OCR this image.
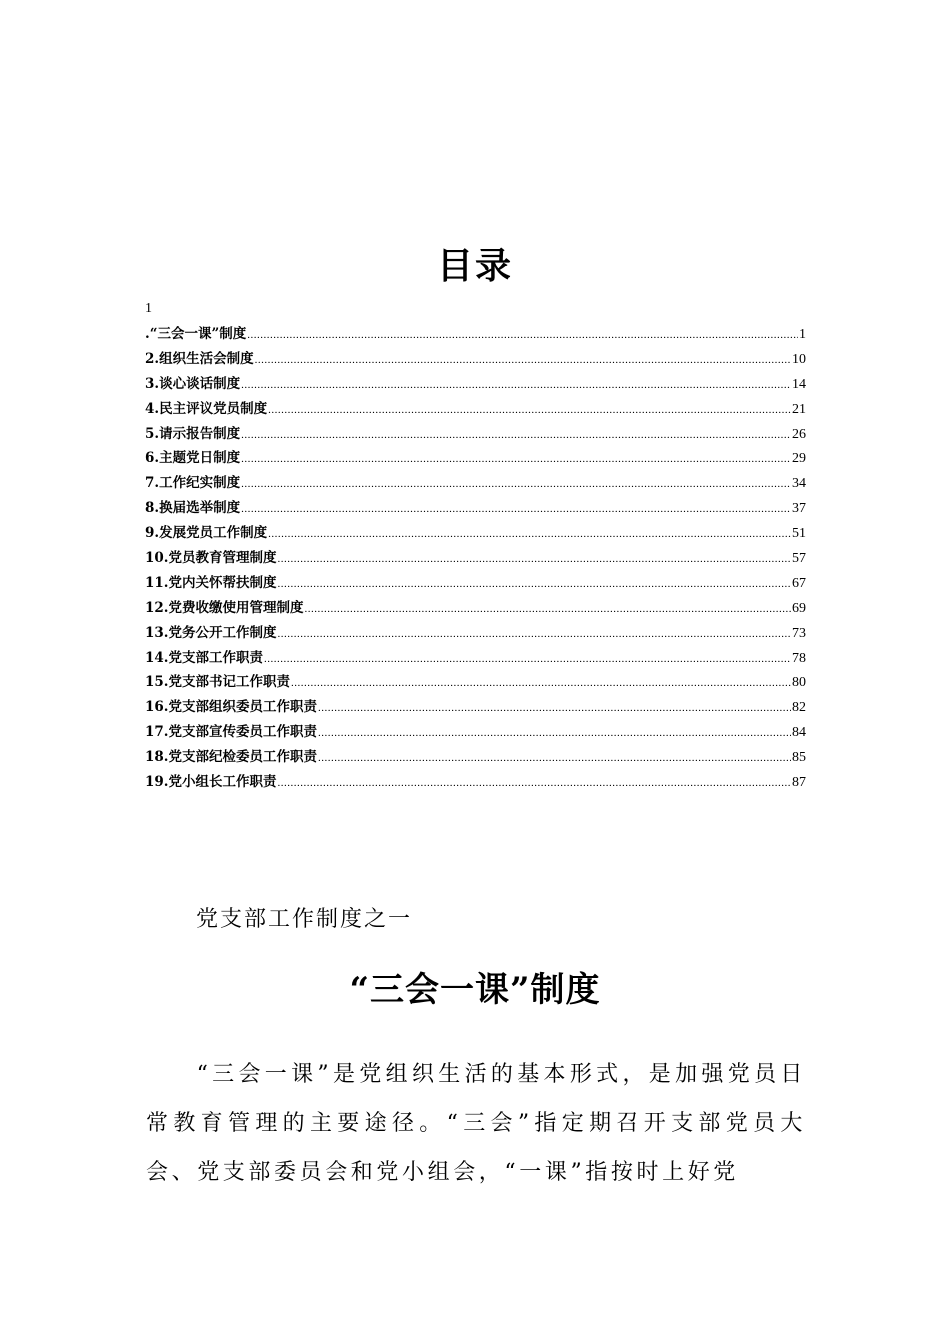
目录
1
.“三会一课”制度 .....	1
2.组织生活会制度 .....	10
3.谈心谈话制度 .....	14
4.民主评议党员制度 .....	21
5.请示报告制度 .....	26
6.主题党日制度 .....	29
7.工作纪实制度 .....	34
8.换届选举制度 .....	37
9.发展党员工作制度 .....	51
10.党员教育管理制度 .....	57
11.党内关怀帮扶制度 .....	67
12.党费收缴使用管理制度 .....	69
13.党务公开工作制度 .....	73
14.党支部工作职责 .....	78
15.党支部书记工作职责 .....	80
16.党支部组织委员工作职责 .....	82
17.党支部宣传委员工作职责 .....	84
18.党支部纪检委员工作职责 .....	85
19.党小组长工作职责 .....	87
党支部工作制度之一
“三会一课”制度

“三会一课”是党组织生活的基本形式，是加强党员日常教育管理的主要途径。“三会”指定期召开支部党员大会、党支部委员会和党小组会，“一课”指按时上好党
